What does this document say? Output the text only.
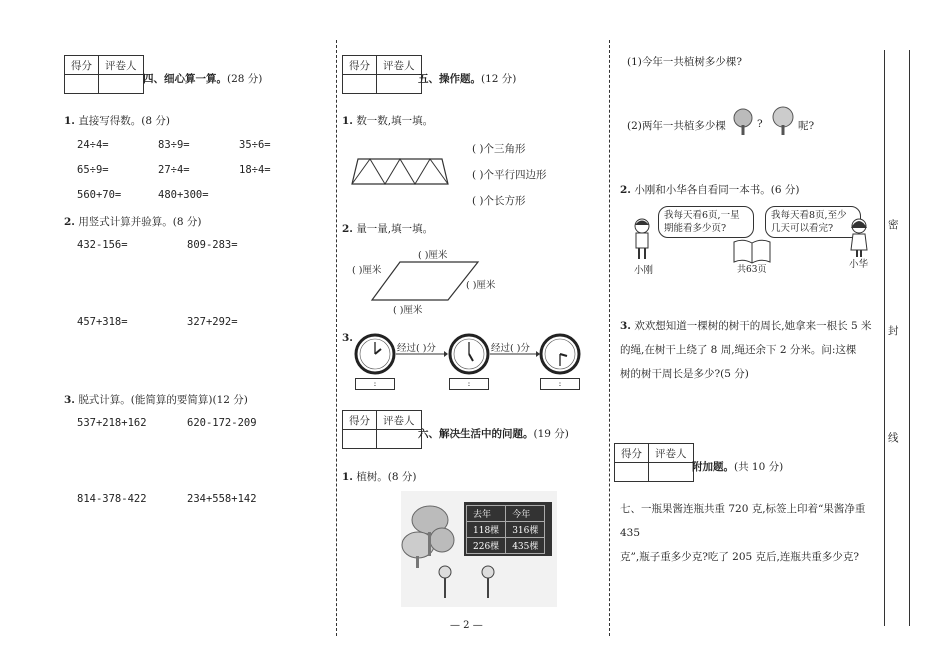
得分	评卷人

四、细心算一算。(28 分)
1. 直接写得数。(8 分)
24÷4=	83÷9=	35÷6=
65÷9=	27÷4=	18÷4=
560+70=	480+300=
2. 用竖式计算并验算。(8 分)
432-156=	809-283=
457+318=	327+292=
3. 脱式计算。(能简算的要简算)(12 分)
537+218+162	620-172-209
814-378-422	234+558+142
得分	评卷人

五、操作题。(12 分)
1. 数一数,填一填。
( )个三角形
( )个平行四边形
( )个长方形
2. 量一量,填一填。
( )厘米
( )厘米
( )厘米
( )厘米
3.
经过( )分	经过( )分
:	:	:
得分	评卷人

六、解决生活中的问题。(19 分)
1. 植树。(8 分)
去年	今年
118棵	316棵
226棵	435棵
(1)今年一共植树多少棵?
(2)两年一共植多少棵	?	呢?
2. 小刚和小华各自看同一本书。(6 分)
我每天看6页,一星期能看多少页?
我每天看8页,至少几天可以看完?
小刚	共63页	小华
3. 欢欢想知道一棵树的树干的周长,她拿来一根长 5 米
的绳,在树干上绕了 8 周,绳还余下 2 分米。问:这棵
树的树干周长是多少?(5 分)
得分	评卷人

附加题。(共 10 分)
七、一瓶果酱连瓶共重 720 克,标签上印着“果酱净重 435
克”,瓶子重多少克?吃了 205 克后,连瓶共重多少克?
密
封
线
— 2 —
